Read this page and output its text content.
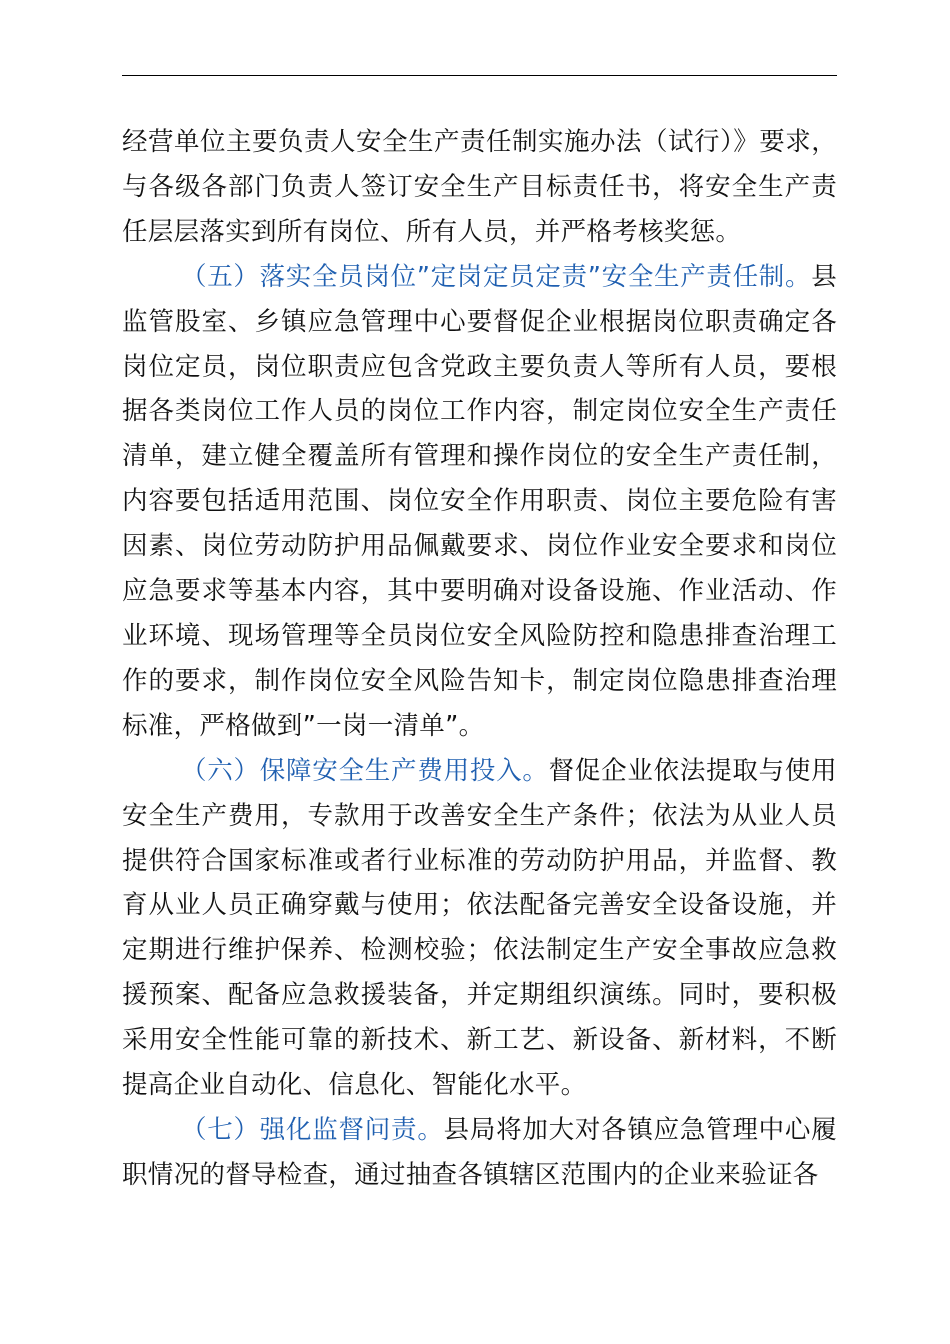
经营单位主要负责人安全生产责任制实施办法（试行）》要求，与各级各部门负责人签订安全生产目标责任书，将安全生产责任层层落实到所有岗位、所有人员，并严格考核奖惩。

（五）落实全员岗位”定岗定员定责”安全生产责任制。县监管股室、乡镇应急管理中心要督促企业根据岗位职责确定各岗位定员，岗位职责应包含党政主要负责人等所有人员，要根据各类岗位工作人员的岗位工作内容，制定岗位安全生产责任清单，建立健全覆盖所有管理和操作岗位的安全生产责任制，内容要包括适用范围、岗位安全作用职责、岗位主要危险有害因素、岗位劳动防护用品佩戴要求、岗位作业安全要求和岗位应急要求等基本内容，其中要明确对设备设施、作业活动、作业环境、现场管理等全员岗位安全风险防控和隐患排查治理工作的要求，制作岗位安全风险告知卡，制定岗位隐患排查治理标准，严格做到”一岗一清单”。

（六）保障安全生产费用投入。督促企业依法提取与使用安全生产费用，专款用于改善安全生产条件；依法为从业人员提供符合国家标准或者行业标准的劳动防护用品，并监督、教育从业人员正确穿戴与使用；依法配备完善安全设备设施，并定期进行维护保养、检测校验；依法制定生产安全事故应急救援预案、配备应急救援装备，并定期组织演练。同时，要积极采用安全性能可靠的新技术、新工艺、新设备、新材料，不断提高企业自动化、信息化、智能化水平。

（七）强化监督问责。县局将加大对各镇应急管理中心履职情况的督导检查，通过抽查各镇辖区范围内的企业来验证各
